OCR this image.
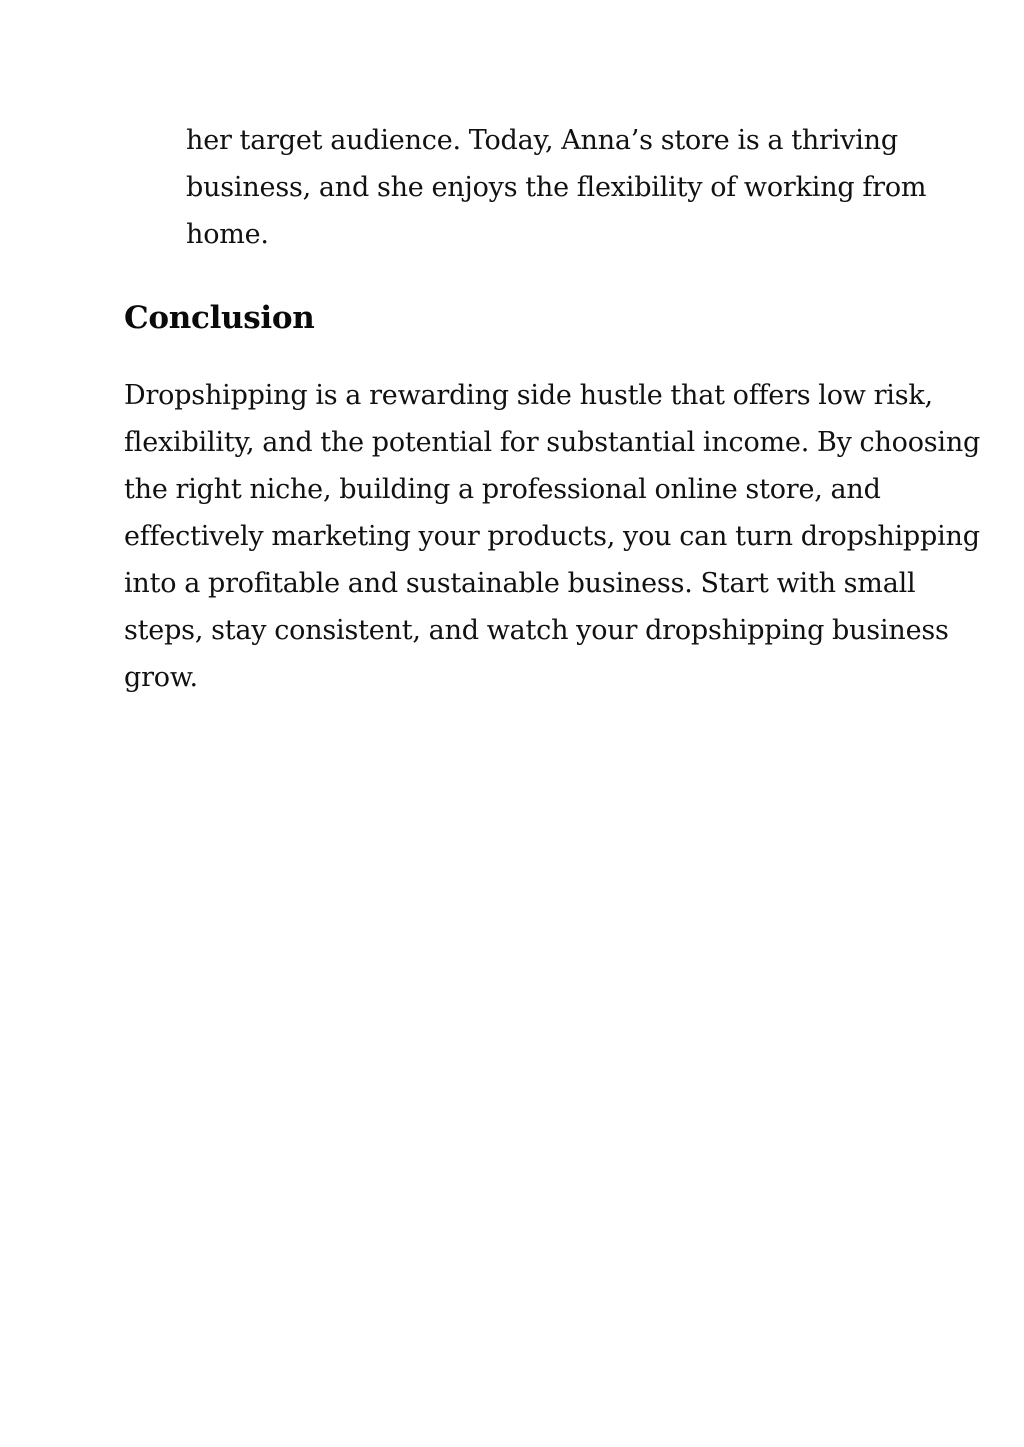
her target audience. Today, Anna’s store is a thriving
business, and she enjoys the flexibility of working from
home.
Conclusion
Dropshipping is a rewarding side hustle that offers low risk,
flexibility, and the potential for substantial income. By choosing
the right niche, building a professional online store, and
effectively marketing your products, you can turn dropshipping
into a profitable and sustainable business. Start with small
steps, stay consistent, and watch your dropshipping business
grow.
